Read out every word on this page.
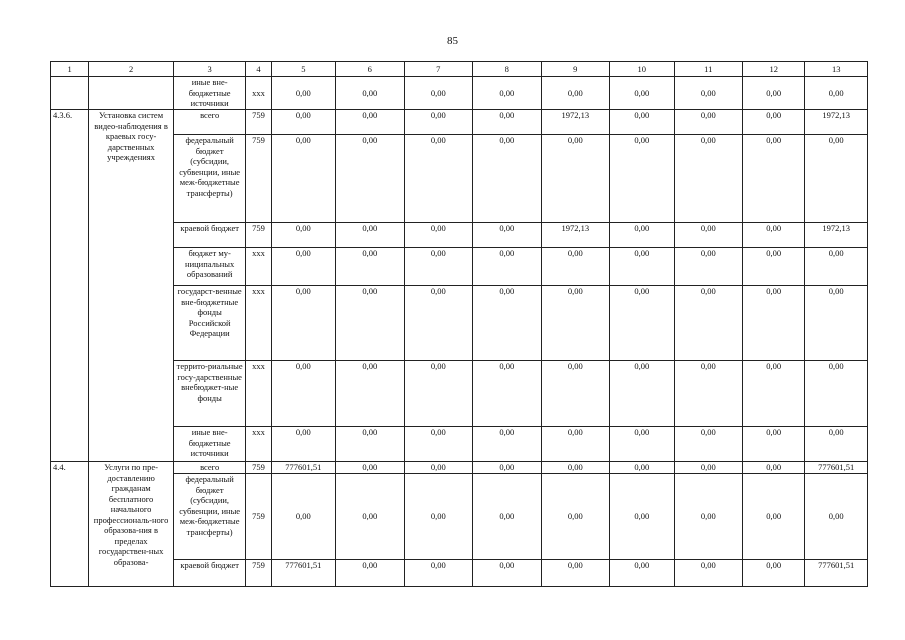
85
1	2	3	4	5	6	7	8	9	10	11	12	13
		иные вне-бюджетные источники	ххх	0,00	0,00	0,00	0,00	0,00	0,00	0,00	0,00	0,00
4.3.6.	Установка систем видео-наблюдения в краевых госу-дарственных учреждениях	всего	759	0,00	0,00	0,00	0,00	1972,13	0,00	0,00	0,00	1972,13
		федеральный бюджет (субсидии, субвенции, иные меж-бюджетные трансферты)	759	0,00	0,00	0,00	0,00	0,00	0,00	0,00	0,00	0,00
		краевой бюджет	759	0,00	0,00	0,00	0,00	1972,13	0,00	0,00	0,00	1972,13
		бюджет му-ниципальных образований	ххх	0,00	0,00	0,00	0,00	0,00	0,00	0,00	0,00	0,00
		государст-венные вне-бюджетные фонды Российской Федерации	ххх	0,00	0,00	0,00	0,00	0,00	0,00	0,00	0,00	0,00
		террито-риальные госу-дарственные внебюджет-ные фонды	ххх	0,00	0,00	0,00	0,00	0,00	0,00	0,00	0,00	0,00
		иные вне-бюджетные источники	ххх	0,00	0,00	0,00	0,00	0,00	0,00	0,00	0,00	0,00
4.4.	Услуги по пре-доставлению гражданам бесплатного начального профессиональ-ного образова-ния в пределах государствен-ных образова-	всего	759	777601,51	0,00	0,00	0,00	0,00	0,00	0,00	0,00	777601,51
		федеральный бюджет (субсидии, субвенции, иные меж-бюджетные трансферты)	759	0,00	0,00	0,00	0,00	0,00	0,00	0,00	0,00	0,00
		краевой бюджет	759	777601,51	0,00	0,00	0,00	0,00	0,00	0,00	0,00	777601,51
